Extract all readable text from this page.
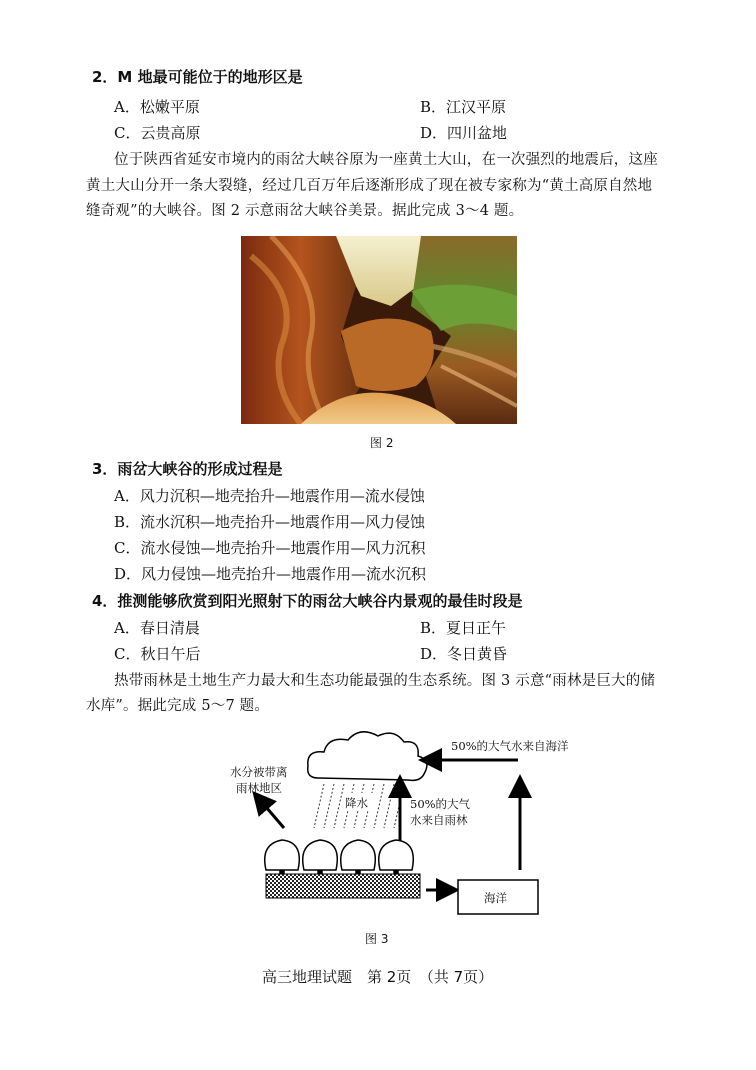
2．M 地最可能位于的地形区是
A．松嫩平原	B．江汉平原
C．云贵高原	D．四川盆地
位于陕西省延安市境内的雨岔大峡谷原为一座黄土大山，在一次强烈的地震后，这座
黄土大山分开一条大裂缝，经过几百万年后逐渐形成了现在被专家称为“黄土高原自然地
缝奇观”的大峡谷。图 2 示意雨岔大峡谷美景。据此完成 3～4 题。
图 2
3．雨岔大峡谷的形成过程是
A．风力沉积—地壳抬升—地震作用—流水侵蚀
B．流水沉积—地壳抬升—地震作用—风力侵蚀
C．流水侵蚀—地壳抬升—地震作用—风力沉积
D．风力侵蚀—地壳抬升—地震作用—流水沉积
4．推测能够欣赏到阳光照射下的雨岔大峡谷内景观的最佳时段是
A．春日清晨	B．夏日正午
C．秋日午后	D．冬日黄昏
热带雨林是土地生产力最大和生态功能最强的生态系统。图 3 示意“雨林是巨大的储
水库”。据此完成 5～7 题。
50%的大气水来自海洋
水分被带离
雨林地区
降水	50%的大气
水来自雨林
海洋
图 3
高三地理试题　第 2页　（共 7页）
